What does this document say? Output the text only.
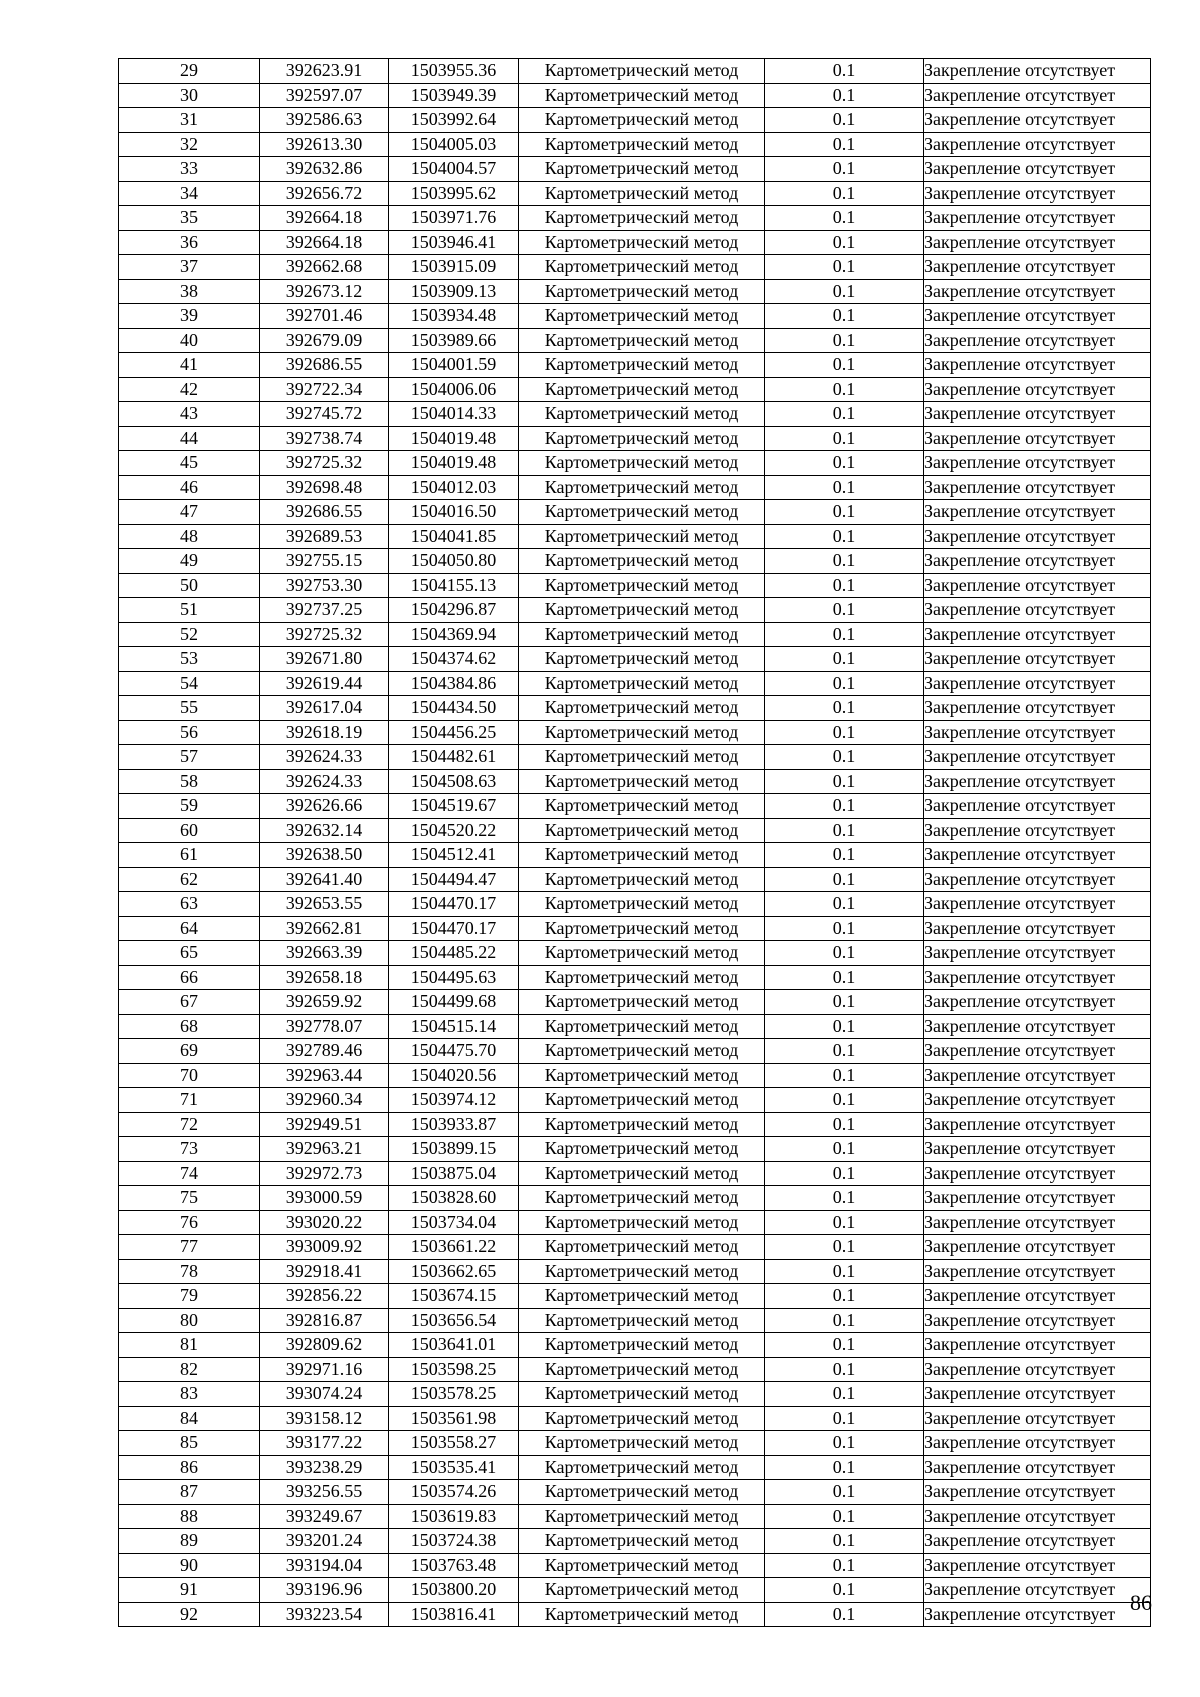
29	392623.91	1503955.36	Картометрический метод	0.1	Закрепление отсутствует
30	392597.07	1503949.39	Картометрический метод	0.1	Закрепление отсутствует
31	392586.63	1503992.64	Картометрический метод	0.1	Закрепление отсутствует
32	392613.30	1504005.03	Картометрический метод	0.1	Закрепление отсутствует
33	392632.86	1504004.57	Картометрический метод	0.1	Закрепление отсутствует
34	392656.72	1503995.62	Картометрический метод	0.1	Закрепление отсутствует
35	392664.18	1503971.76	Картометрический метод	0.1	Закрепление отсутствует
36	392664.18	1503946.41	Картометрический метод	0.1	Закрепление отсутствует
37	392662.68	1503915.09	Картометрический метод	0.1	Закрепление отсутствует
38	392673.12	1503909.13	Картометрический метод	0.1	Закрепление отсутствует
39	392701.46	1503934.48	Картометрический метод	0.1	Закрепление отсутствует
40	392679.09	1503989.66	Картометрический метод	0.1	Закрепление отсутствует
41	392686.55	1504001.59	Картометрический метод	0.1	Закрепление отсутствует
42	392722.34	1504006.06	Картометрический метод	0.1	Закрепление отсутствует
43	392745.72	1504014.33	Картометрический метод	0.1	Закрепление отсутствует
44	392738.74	1504019.48	Картометрический метод	0.1	Закрепление отсутствует
45	392725.32	1504019.48	Картометрический метод	0.1	Закрепление отсутствует
46	392698.48	1504012.03	Картометрический метод	0.1	Закрепление отсутствует
47	392686.55	1504016.50	Картометрический метод	0.1	Закрепление отсутствует
48	392689.53	1504041.85	Картометрический метод	0.1	Закрепление отсутствует
49	392755.15	1504050.80	Картометрический метод	0.1	Закрепление отсутствует
50	392753.30	1504155.13	Картометрический метод	0.1	Закрепление отсутствует
51	392737.25	1504296.87	Картометрический метод	0.1	Закрепление отсутствует
52	392725.32	1504369.94	Картометрический метод	0.1	Закрепление отсутствует
53	392671.80	1504374.62	Картометрический метод	0.1	Закрепление отсутствует
54	392619.44	1504384.86	Картометрический метод	0.1	Закрепление отсутствует
55	392617.04	1504434.50	Картометрический метод	0.1	Закрепление отсутствует
56	392618.19	1504456.25	Картометрический метод	0.1	Закрепление отсутствует
57	392624.33	1504482.61	Картометрический метод	0.1	Закрепление отсутствует
58	392624.33	1504508.63	Картометрический метод	0.1	Закрепление отсутствует
59	392626.66	1504519.67	Картометрический метод	0.1	Закрепление отсутствует
60	392632.14	1504520.22	Картометрический метод	0.1	Закрепление отсутствует
61	392638.50	1504512.41	Картометрический метод	0.1	Закрепление отсутствует
62	392641.40	1504494.47	Картометрический метод	0.1	Закрепление отсутствует
63	392653.55	1504470.17	Картометрический метод	0.1	Закрепление отсутствует
64	392662.81	1504470.17	Картометрический метод	0.1	Закрепление отсутствует
65	392663.39	1504485.22	Картометрический метод	0.1	Закрепление отсутствует
66	392658.18	1504495.63	Картометрический метод	0.1	Закрепление отсутствует
67	392659.92	1504499.68	Картометрический метод	0.1	Закрепление отсутствует
68	392778.07	1504515.14	Картометрический метод	0.1	Закрепление отсутствует
69	392789.46	1504475.70	Картометрический метод	0.1	Закрепление отсутствует
70	392963.44	1504020.56	Картометрический метод	0.1	Закрепление отсутствует
71	392960.34	1503974.12	Картометрический метод	0.1	Закрепление отсутствует
72	392949.51	1503933.87	Картометрический метод	0.1	Закрепление отсутствует
73	392963.21	1503899.15	Картометрический метод	0.1	Закрепление отсутствует
74	392972.73	1503875.04	Картометрический метод	0.1	Закрепление отсутствует
75	393000.59	1503828.60	Картометрический метод	0.1	Закрепление отсутствует
76	393020.22	1503734.04	Картометрический метод	0.1	Закрепление отсутствует
77	393009.92	1503661.22	Картометрический метод	0.1	Закрепление отсутствует
78	392918.41	1503662.65	Картометрический метод	0.1	Закрепление отсутствует
79	392856.22	1503674.15	Картометрический метод	0.1	Закрепление отсутствует
80	392816.87	1503656.54	Картометрический метод	0.1	Закрепление отсутствует
81	392809.62	1503641.01	Картометрический метод	0.1	Закрепление отсутствует
82	392971.16	1503598.25	Картометрический метод	0.1	Закрепление отсутствует
83	393074.24	1503578.25	Картометрический метод	0.1	Закрепление отсутствует
84	393158.12	1503561.98	Картометрический метод	0.1	Закрепление отсутствует
85	393177.22	1503558.27	Картометрический метод	0.1	Закрепление отсутствует
86	393238.29	1503535.41	Картометрический метод	0.1	Закрепление отсутствует
87	393256.55	1503574.26	Картометрический метод	0.1	Закрепление отсутствует
88	393249.67	1503619.83	Картометрический метод	0.1	Закрепление отсутствует
89	393201.24	1503724.38	Картометрический метод	0.1	Закрепление отсутствует
90	393194.04	1503763.48	Картометрический метод	0.1	Закрепление отсутствует
91	393196.96	1503800.20	Картометрический метод	0.1	Закрепление отсутствует
92	393223.54	1503816.41	Картометрический метод	0.1	Закрепление отсутствует 86
